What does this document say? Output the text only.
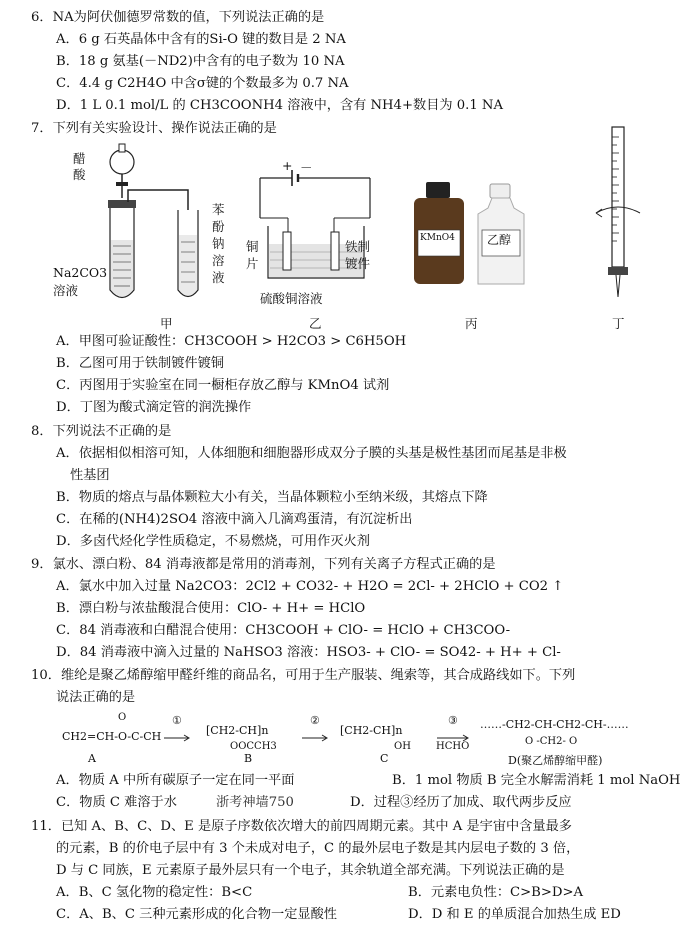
6．NA为阿伏伽德罗常数的值，下列说法正确的是
A．6 g 石英晶体中含有的Si-O 键的数目是 2 NA
B．18 g 氨基(－ND2)中含有的电子数为 10 NA
C．4.4 g C2H4O 中含σ键的个数最多为 0.7 NA
D．1 L 0.1 mol/L 的 CH3COONH4 溶液中，含有 NH4+数目为 0.1 NA
7．下列有关实验设计、操作说法正确的是
醋
酸
Na2CO3
溶液
苯
酚
钠
溶
液
+ －
铜
片
铁制
镀件
硫酸铜溶液
KMnO4	乙醇
甲	乙	丙	丁
A．甲图可验证酸性：CH3COOH > H2CO3 > C6H5OH
B．乙图可用于铁制镀件镀铜
C．丙图用于实验室在同一橱柜存放乙醇与 KMnO4 试剂
D．丁图为酸式滴定管的润洗操作
8．下列说法不正确的是
A．依据相似相溶可知，人体细胞和细胞器形成双分子膜的头基是极性基团而尾基是非极
性基团
B．物质的熔点与晶体颗粒大小有关，当晶体颗粒小至纳米级，其熔点下降
C．在稀的(NH4)2SO4 溶液中滴入几滴鸡蛋清，有沉淀析出
D．多卤代烃化学性质稳定，不易燃烧，可用作灭火剂
9．氯水、漂白粉、84 消毒液都是常用的消毒剂，下列有关离子方程式正确的是
A．氯水中加入过量 Na2CO3：2Cl2 + CO32- + H2O = 2Cl- + 2HClO + CO2 ↑
B．漂白粉与浓盐酸混合使用：ClO- + H+ = HClO
C．84 消毒液和白醋混合使用：CH3COOH + ClO- = HClO + CH3COO-
D．84 消毒液中滴入过量的 NaHSO3 溶液：HSO3- + ClO- = SO42- + H+ + Cl-
10．维纶是聚乙烯醇缩甲醛纤维的商品名，可用于生产服装、绳索等，其合成路线如下。下列
说法正确的是
O
CH2=CH-O-C-CH
①
[CH2-CH]n
OOCCH3
②
[CH2-CH]n
OH
③
HCHO
……-CH2-CH-CH2-CH-……
O -CH2- O
A	B	C	D(聚乙烯醇缩甲醛)
A．物质 A 中所有碳原子一定在同一平面	B．1 mol 物质 B 完全水解需消耗 1 mol NaOH
C．物质 C 难溶于水	浙考神墙750	D．过程③经历了加成、取代两步反应
11．已知 A、B、C、D、E 是原子序数依次增大的前四周期元素。其中 A 是宇宙中含量最多
的元素，B 的价电子层中有 3 个未成对电子，C 的最外层电子数是其内层电子数的 3 倍，
D 与 C 同族，E 元素原子最外层只有一个电子，其余轨道全部充满。下列说法正确的是
A．B、C 氢化物的稳定性：B<C	B．元素电负性：C>B>D>A
C．A、B、C 三种元素形成的化合物一定显酸性	D．D 和 E 的单质混合加热生成 ED
